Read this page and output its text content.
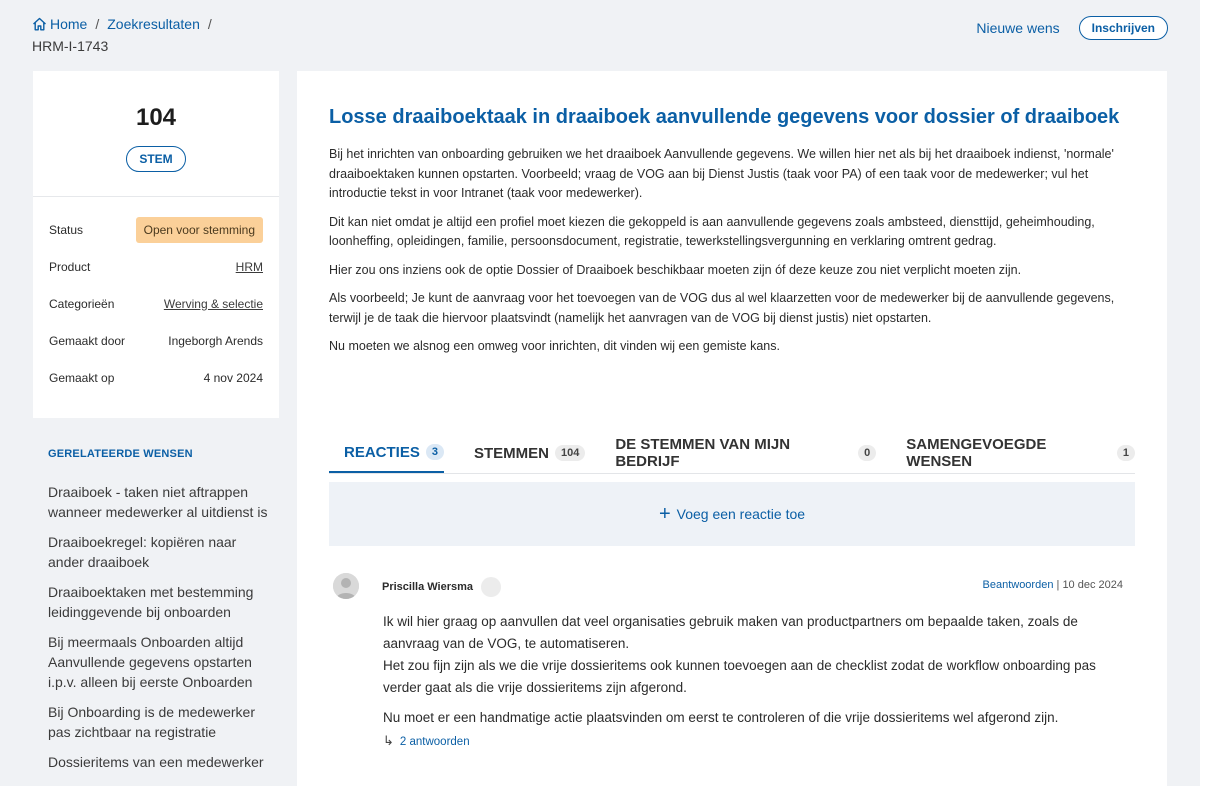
Home / Zoekresultaten /
HRM-I-1743
Nieuwe wens	Inschrijven
104
STEM
Status	Open voor stemming
Product	HRM
Categorieën	Werving & selectie
Gemaakt door	Ingeborgh Arends
Gemaakt op	4 nov 2024
GERELATEERDE WENSEN
Draaiboek - taken niet aftrappen wanneer medewerker al uitdienst is
Draaiboekregel: kopiëren naar ander draaiboek
Draaiboektaken met bestemming leidinggevende bij onboarden
Bij meermaals Onboarden altijd Aanvullende gegevens opstarten i.p.v. alleen bij eerste Onboarden
Bij Onboarding is de medewerker pas zichtbaar na registratie
Dossieritems van een medewerker
Losse draaiboektaak in draaiboek aanvullende gegevens voor dossier of draaiboek

Bij het inrichten van onboarding gebruiken we het draaiboek Aanvullende gegevens. We willen hier net als bij het draaiboek indienst, 'normale' draaiboektaken kunnen opstarten. Voorbeeld; vraag de VOG aan bij Dienst Justis (taak voor PA) of een taak voor de medewerker; vul het introductie tekst in voor Intranet (taak voor medewerker).

Dit kan niet omdat je altijd een profiel moet kiezen die gekoppeld is aan aanvullende gegevens zoals ambsteed, diensttijd, geheimhouding, loonheffing, opleidingen, familie, persoonsdocument, registratie, tewerkstellingsvergunning en verklaring omtrent gedrag.

Hier zou ons inziens ook de optie Dossier of Draaiboek beschikbaar moeten zijn óf deze keuze zou niet verplicht moeten zijn.

Als voorbeeld; Je kunt de aanvraag voor het toevoegen van de VOG dus al wel klaarzetten voor de medewerker bij de aanvullende gegevens, terwijl je de taak die hiervoor plaatsvindt (namelijk het aanvragen van de VOG bij dienst justis) niet opstarten.

Nu moeten we alsnog een omweg voor inrichten, dit vinden wij een gemiste kans.

REACTIES	3	STEMMEN	104	DE STEMMEN VAN MIJN BEDRIJF	0	SAMENGEVOEGDE WENSEN	1
+ Voeg een reactie toe
Priscilla Wiersma	Beantwoorden | 10 dec 2024

Ik wil hier graag op aanvullen dat veel organisaties gebruik maken van productpartners om bepaalde taken, zoals de aanvraag van de VOG, te automatiseren.
Het zou fijn zijn als we die vrije dossieritems ook kunnen toevoegen aan de checklist zodat de workflow onboarding pas verder gaat als die vrije dossieritems zijn afgerond.

Nu moet er een handmatige actie plaatsvinden om eerst te controleren of die vrije dossieritems wel afgerond zijn.

↳ 2 antwoorden
